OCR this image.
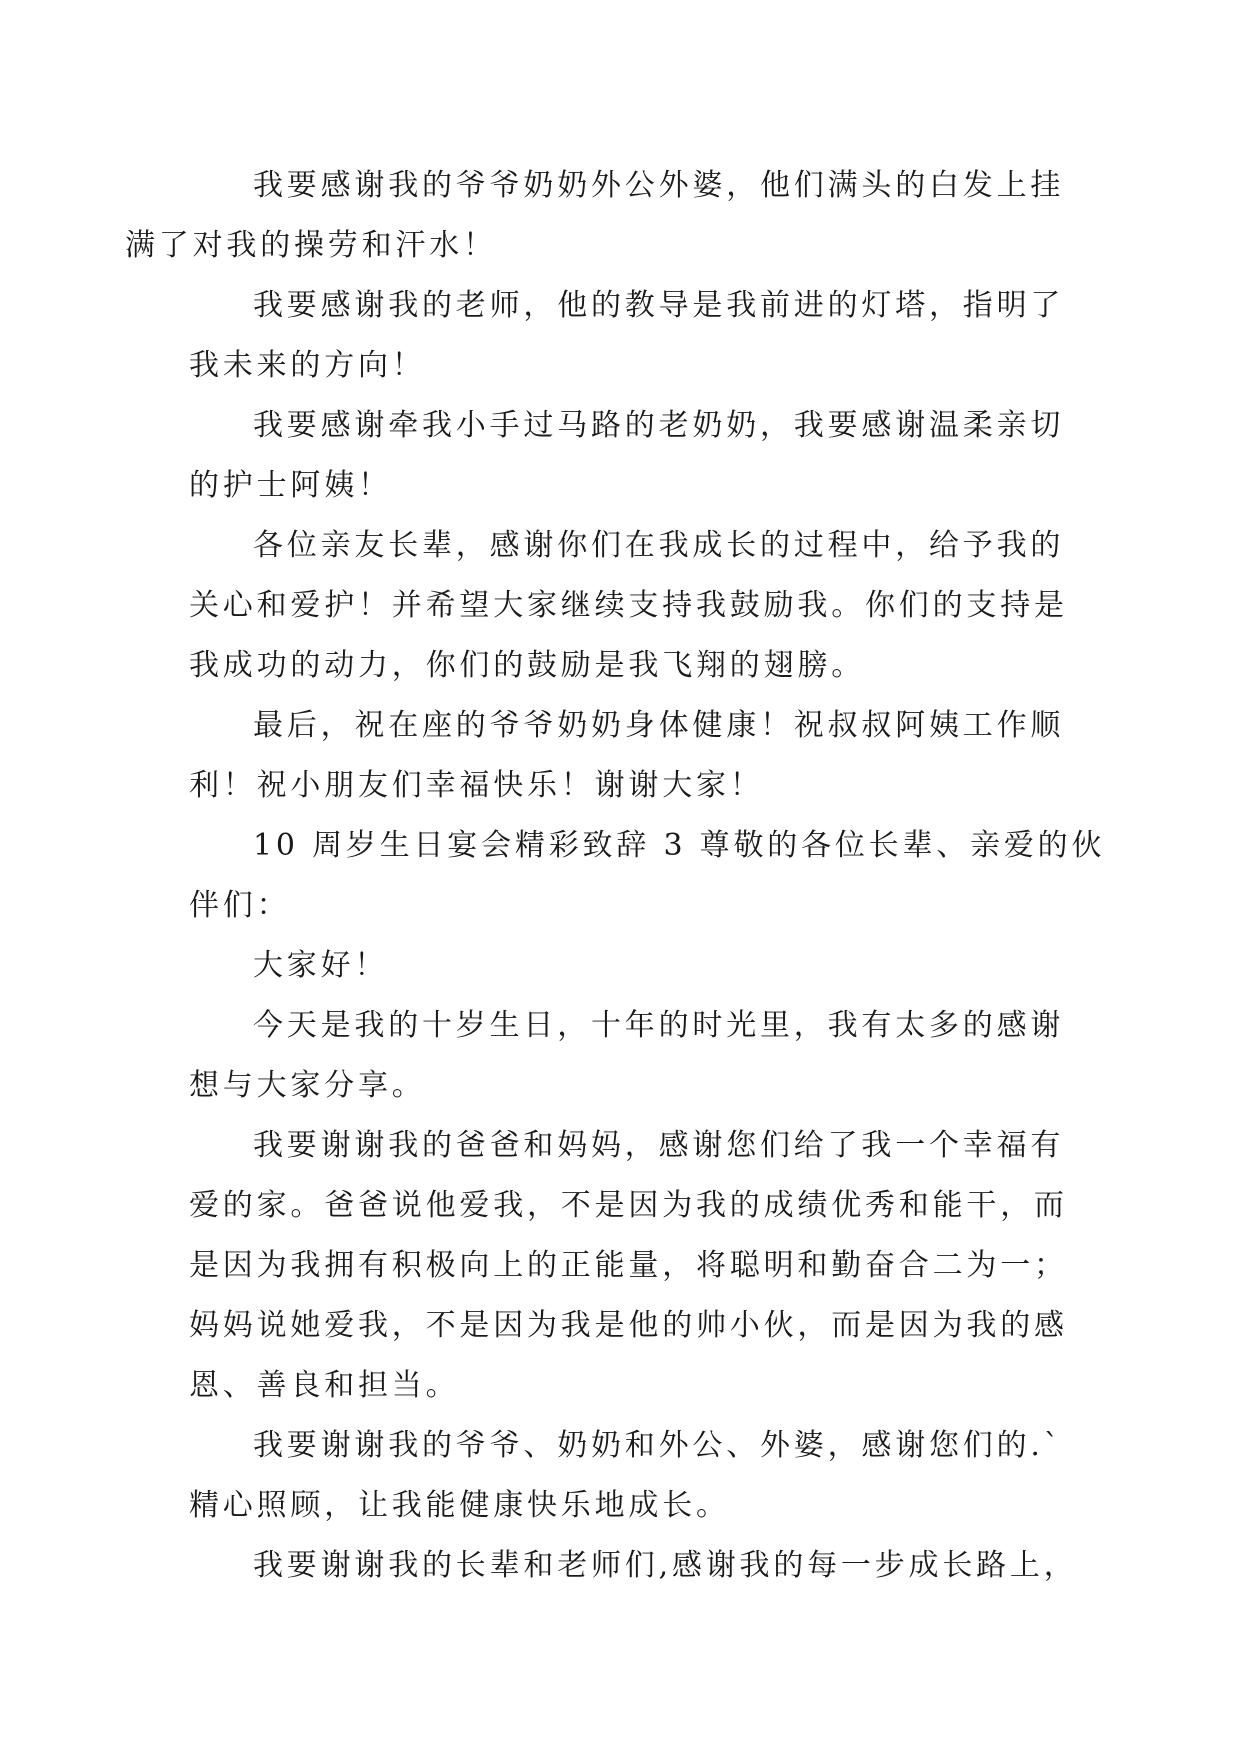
我要感谢我的爷爷奶奶外公外婆，他们满头的白发上挂
满了对我的操劳和汗水！

我要感谢我的老师，他的教导是我前进的灯塔，指明了
我未来的方向！

我要感谢牵我小手过马路的老奶奶，我要感谢温柔亲切
的护士阿姨！

各位亲友长辈，感谢你们在我成长的过程中，给予我的
关心和爱护！并希望大家继续支持我鼓励我。你们的支持是
我成功的动力，你们的鼓励是我飞翔的翅膀。

最后，祝在座的爷爷奶奶身体健康！祝叔叔阿姨工作顺
利！祝小朋友们幸福快乐！谢谢大家！

10 周岁生日宴会精彩致辞 3 尊敬的各位长辈、亲爱的伙
伴们：

大家好！

今天是我的十岁生日，十年的时光里，我有太多的感谢
想与大家分享。

我要谢谢我的爸爸和妈妈，感谢您们给了我一个幸福有
爱的家。爸爸说他爱我，不是因为我的成绩优秀和能干，而
是因为我拥有积极向上的正能量，将聪明和勤奋合二为一；
妈妈说她爱我，不是因为我是他的帅小伙，而是因为我的感
恩、善良和担当。

我要谢谢我的爷爷、奶奶和外公、外婆，感谢您们的.`
精心照顾，让我能健康快乐地成长。

我要谢谢我的长辈和老师们,感谢我的每一步成长路上，
